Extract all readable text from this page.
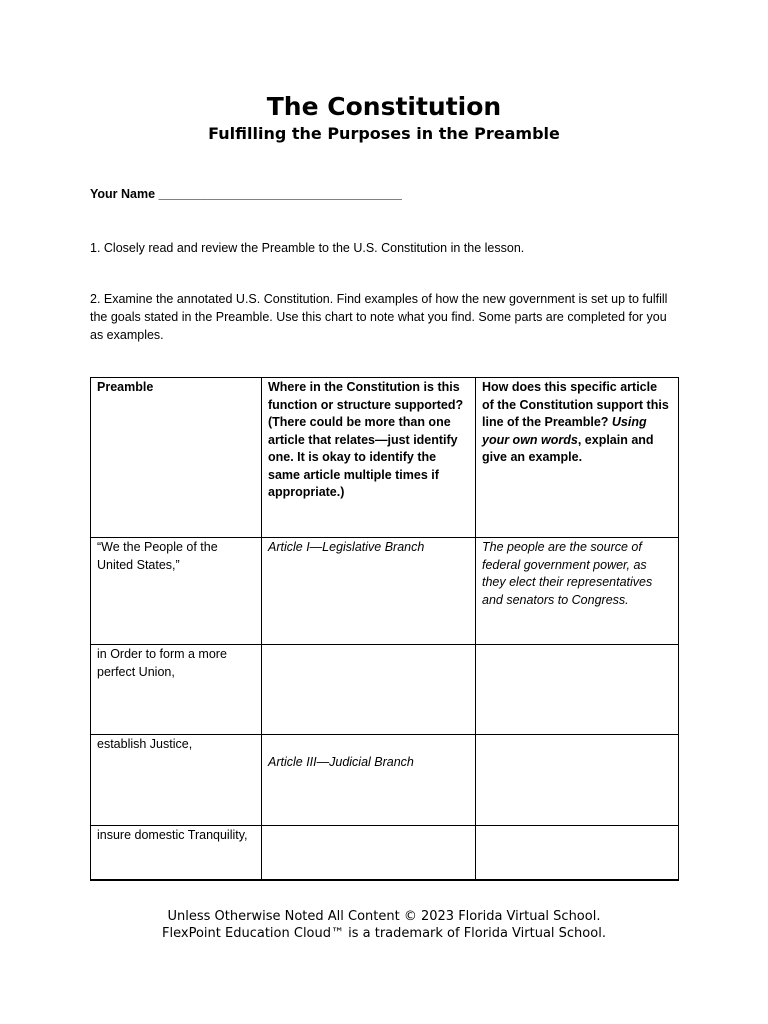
The Constitution
Fulfilling the Purposes in the Preamble
Your Name ___________________________________
1. Closely read and review the Preamble to the U.S. Constitution in the lesson.
2. Examine the annotated U.S. Constitution. Find examples of how the new government is set up to fulfill the goals stated in the Preamble. Use this chart to note what you find. Some parts are completed for you as examples.
Preamble	Where in the Constitution is this function or structure supported? (There could be more than one article that relates—just identify one. It is okay to identify the same article multiple times if appropriate.)	How does this specific article of the Constitution support this line of the Preamble? Using your own words, explain and give an example.
“We the People of the United States,”	Article I—Legislative Branch	The people are the source of federal government power, as they elect their representatives and senators to Congress.
in Order to form a more perfect Union,		
establish Justice,	Article III—Judicial Branch	
insure domestic Tranquility,		
Unless Otherwise Noted All Content © 2023 Florida Virtual School.
FlexPoint Education Cloud™ is a trademark of Florida Virtual School.
